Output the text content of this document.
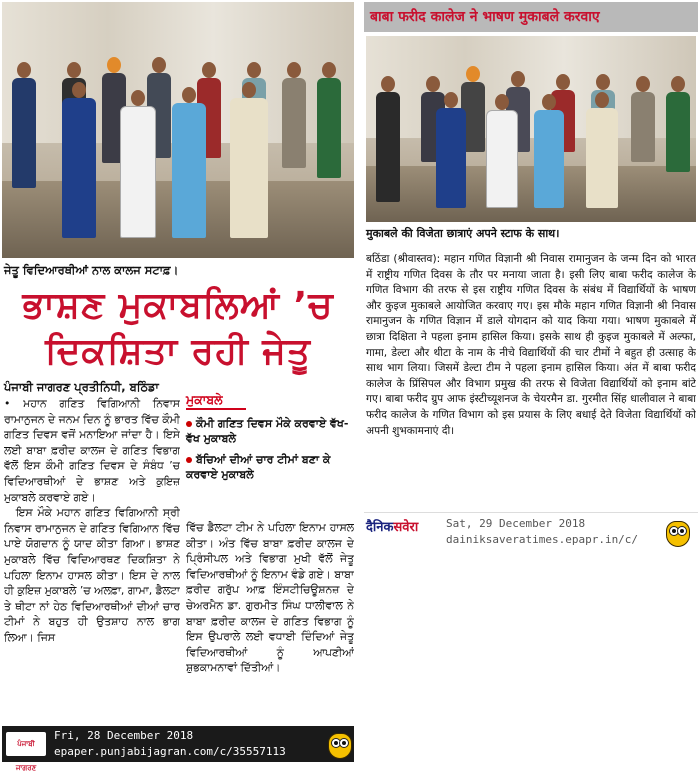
ਜੇਤੂ ਵਿਦਿਆਰਥੀਆਂ ਨਾਲ ਕਾਲਜ ਸਟਾਫ਼।
ਭਾਸ਼ਣ ਮੁਕਾਬਲਿਆਂ ’ਚ
ਦਿਕਸ਼ਿਤਾ ਰਹੀ ਜੇਤੂ
ਪੰਜਾਬੀ ਜਾਗਰਣ ਪ੍ਰਤੀਨਿਧੀ, ਬਠਿੰਡਾ
• ਮਹਾਨ ਗਣਿਤ ਵਿਗਿਆਨੀ ਨਿਵਾਸ ਰਾਮਾਨੁਜਨ ਦੇ ਜਨਮ ਦਿਨ ਨੂੰ ਭਾਰਤ ਵਿੱਚ ਕੌਮੀ ਗਣਿਤ ਦਿਵਸ ਵਜੋਂ ਮਨਾਇਆ ਜਾਂਦਾ ਹੈ। ਇਸੇ ਲਈ ਬਾਬਾ ਫ਼ਰੀਦ ਕਾਲਜ ਦੇ ਗਣਿਤ ਵਿਭਾਗ ਵੱਲੋਂ ਇਸ ਕੌਮੀ ਗਣਿਤ ਦਿਵਸ ਦੇ ਸੰਬੰਧ ’ਚ ਵਿਦਿਆਰਥੀਆਂ ਦੇ ਭਾਸ਼ਣ ਅਤੇ ਕੁਇਜ਼ ਮੁਕਾਬਲੇ ਕਰਵਾਏ ਗਏ।
ਇਸ ਮੌਕੇ ਮਹਾਨ ਗਣਿਤ ਵਿਗਿਆਨੀ ਸ੍ਰੀ ਨਿਵਾਸ ਰਾਮਾਨੁਜਨ ਦੇ ਗਣਿਤ ਵਿਗਿਆਨ ਵਿੱਚ ਪਾਏ ਯੋਗਦਾਨ ਨੂੰ ਯਾਦ ਕੀਤਾ ਗਿਆ। ਭਾਸ਼ਣ ਮੁਕਾਬਲੇ ਵਿੱਚ ਵਿਦਿਆਰਥਣ ਦਿਕਸ਼ਿਤਾ ਨੇ ਪਹਿਲਾ ਇਨਾਮ ਹਾਸਲ ਕੀਤਾ। ਇਸ ਦੇ ਨਾਲ ਹੀ ਕੁਇਜ਼ ਮੁਕਾਬਲੇ ’ਚ ਅਲਫ਼ਾ, ਗਾਮਾ, ਡੈਲਟਾ ਤੇ ਥੀਟਾ ਨਾਂ ਹੇਠ ਵਿਦਿਆਰਥੀਆਂ ਦੀਆਂ ਚਾਰ ਟੀਮਾਂ ਨੇ ਬਹੁਤ ਹੀ ਉਤਸ਼ਾਹ ਨਾਲ ਭਾਗ ਲਿਆ। ਜਿਸ
ਮੁਕਾਬਲੇ
ਕੌਮੀ ਗਣਿਤ ਦਿਵਸ ਮੌਕੇ ਕਰਵਾਏ ਵੱਖ-ਵੱਖ ਮੁਕਾਬਲੇ
ਬੱਚਿਆਂ ਦੀਆਂ ਚਾਰ ਟੀਮਾਂ ਬਣਾ ਕੇ ਕਰਵਾਏ ਮੁਕਾਬਲੇ
ਵਿੱਚ ਡੈਲਟਾ ਟੀਮ ਨੇ ਪਹਿਲਾ ਇਨਾਮ ਹਾਸਲ ਕੀਤਾ। ਅੰਤ ਵਿੱਚ ਬਾਬਾ ਫ਼ਰੀਦ ਕਾਲਜ ਦੇ ਪ੍ਰਿੰਸੀਪਲ ਅਤੇ ਵਿਭਾਗ ਮੁਖੀ ਵੱਲੋਂ ਜੇਤੂ ਵਿਦਿਆਰਥੀਆਂ ਨੂੰ ਇਨਾਮ ਵੰਡੇ ਗਏ। ਬਾਬਾ ਫ਼ਰੀਦ ਗਰੁੱਪ ਆਫ਼ ਇੰਸਟੀਚਿਊਸ਼ਨਜ਼ ਦੇ ਚੇਅਰਮੈਨ ਡਾ. ਗੁਰਮੀਤ ਸਿੰਘ ਧਾਲੀਵਾਲ ਨੇ ਬਾਬਾ ਫ਼ਰੀਦ ਕਾਲਜ ਦੇ ਗਣਿਤ ਵਿਭਾਗ ਨੂੰ ਇਸ ਉਪਰਾਲੇ ਲਈ ਵਧਾਈ ਦਿੰਦਿਆਂ ਜੇਤੂ ਵਿਦਿਆਰਥੀਆਂ ਨੂੰ ਆਪਣੀਆਂ ਸ਼ੁਭਕਾਮਨਾਵਾਂ ਦਿੱਤੀਆਂ।
ਪੰਜਾਬੀ ਜਾਗਰਣ
Fri, 28 December 2018
epaper.punjabijagran.com/c/35557113
बाबा फरीद कालेज ने भाषण मुकाबले करवाए
मुकाबले की विजेता छात्राएं अपने स्टाफ के साथ।
बठिंडा (श्रीवास्तव): महान गणित विज्ञानी श्री निवास रामानुजन के जन्म दिन को भारत में राष्ट्रीय गणित दिवस के तौर पर मनाया जाता है। इसी लिए बाबा फरीद कालेज के गणित विभाग की तरफ से इस राष्ट्रीय गणित दिवस के संबंध में विद्यार्थियों के भाषण और कुइज मुकाबले आयोजित करवाए गए। इस मौके महान गणित विज्ञानी श्री निवास रामानुजन के गणित विज्ञान में डाले योगदान को याद किया गया। भाषण मुकाबले में छात्रा दिक्षिता ने पहला इनाम हासिल किया। इसके साथ ही कुइज मुकाबले में अल्फा, गामा, डेल्टा और थीटा के नाम के नीचे विद्यार्थियों की चार टीमों ने बहुत ही उत्साह के साथ भाग लिया। जिसमें डेल्टा टीम ने पहला इनाम हासिल किया। अंत में बाबा फरीद कालेज के प्रिंसिपल और विभाग प्रमुख की तरफ से विजेता विद्यार्थियों को इनाम बांटे गए। बाबा फरीद ग्रुप आफ इंस्टीच्यूशनज के चेयरमैन डा. गुरमीत सिंह धालीवाल ने बाबा फरीद कालेज के गणित विभाग को इस प्रयास के लिए बधाई देते विजेता विद्यार्थियों को अपनी शुभकामनाएं दी।
दैनिकसवेरा	Sat, 29 December 2018
dainiksaveratimes.epapr.in/c/
